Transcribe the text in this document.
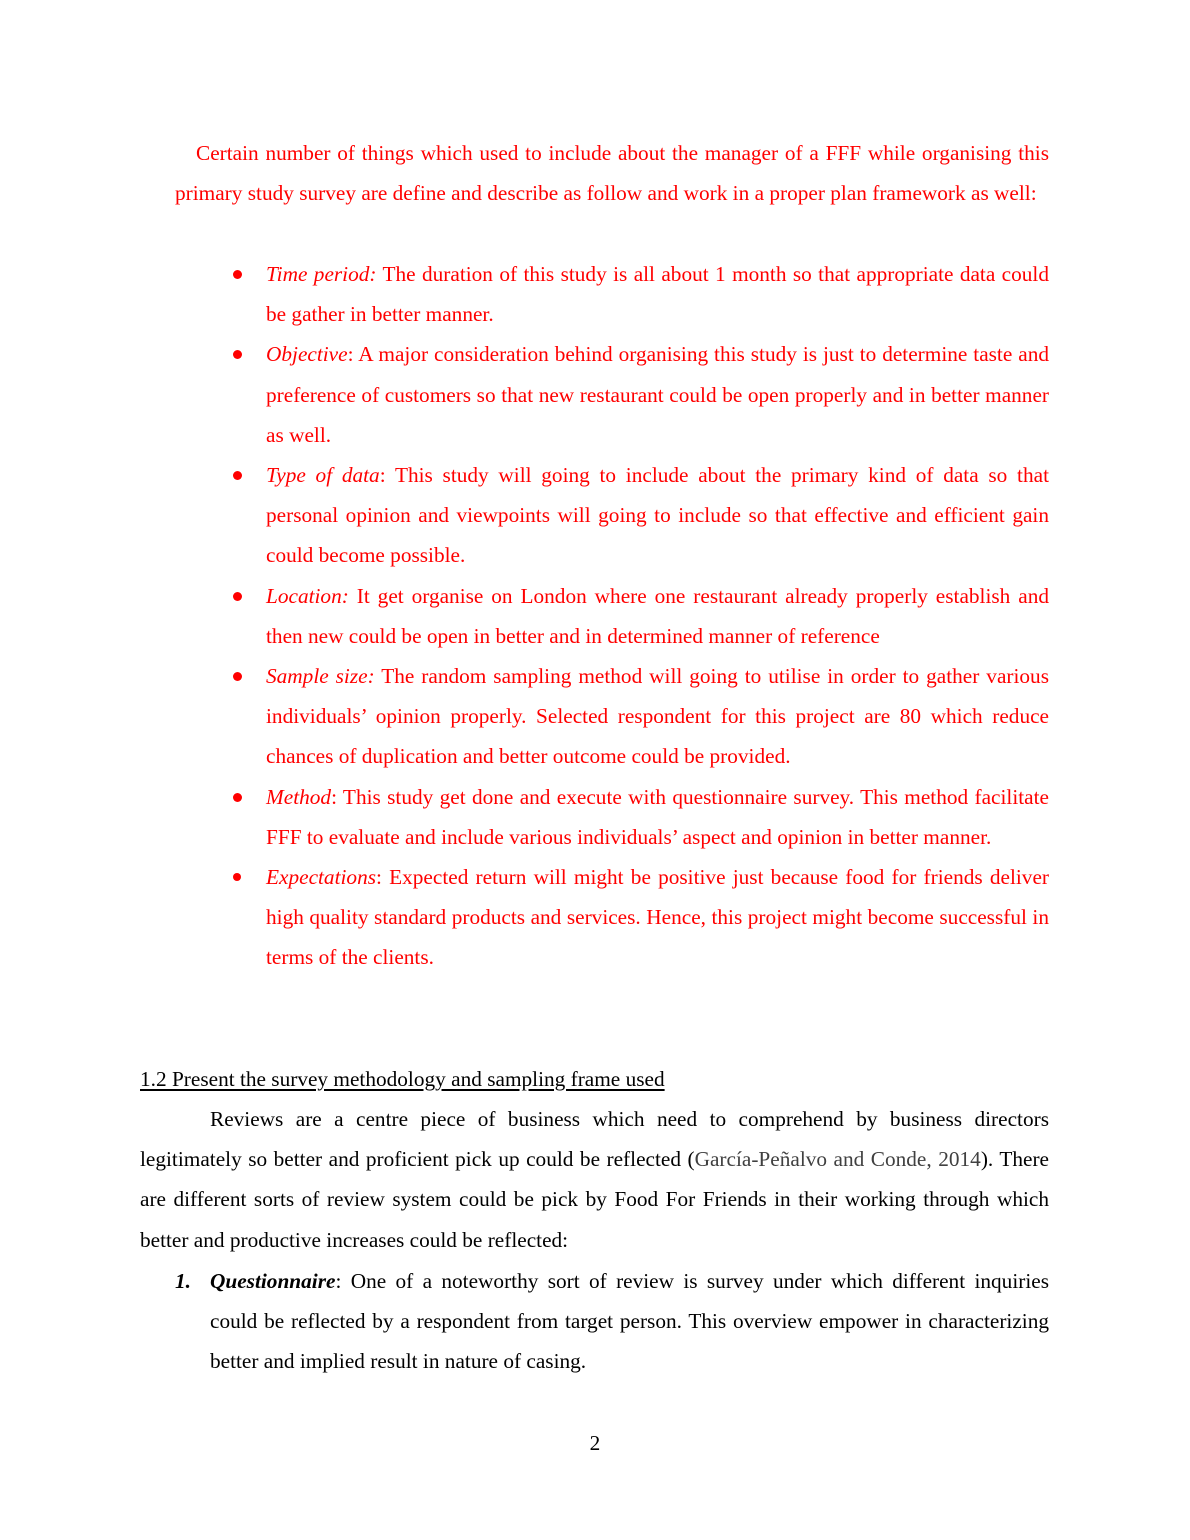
Certain number of things which used to include about the manager of a FFF while organising this primary study survey are define and describe as follow and work in a proper plan framework as well:

Time period: The duration of this study is all about 1 month so that appropriate data could be gather in better manner.
Objective: A major consideration behind organising this study is just to determine taste and preference of customers so that new restaurant could be open properly and in better manner as well.
Type of data: This study will going to include about the primary kind of data so that personal opinion and viewpoints will going to include so that effective and efficient gain could become possible.
Location: It get organise on London where one restaurant already properly establish and then new could be open in better and in determined manner of reference
Sample size: The random sampling method will going to utilise in order to gather various individuals’ opinion properly. Selected respondent for this project are 80 which reduce chances of duplication and better outcome could be provided.
Method: This study get done and execute with questionnaire survey. This method facilitate FFF to evaluate and include various individuals’ aspect and opinion in better manner.
Expectations: Expected return will might be positive just because food for friends deliver high quality standard products and services. Hence, this project might become successful in terms of the clients.
1.2 Present the survey methodology and sampling frame used

Reviews are a centre piece of business which need to comprehend by business directors legitimately so better and proficient pick up could be reflected (García-Peñalvo and Conde, 2014). There are different sorts of review system could be pick by Food For Friends in their working through which better and productive increases could be reflected:

1. Questionnaire: One of a noteworthy sort of review is survey under which different inquiries could be reflected by a respondent from target person. This overview empower in characterizing better and implied result in nature of casing.
2
